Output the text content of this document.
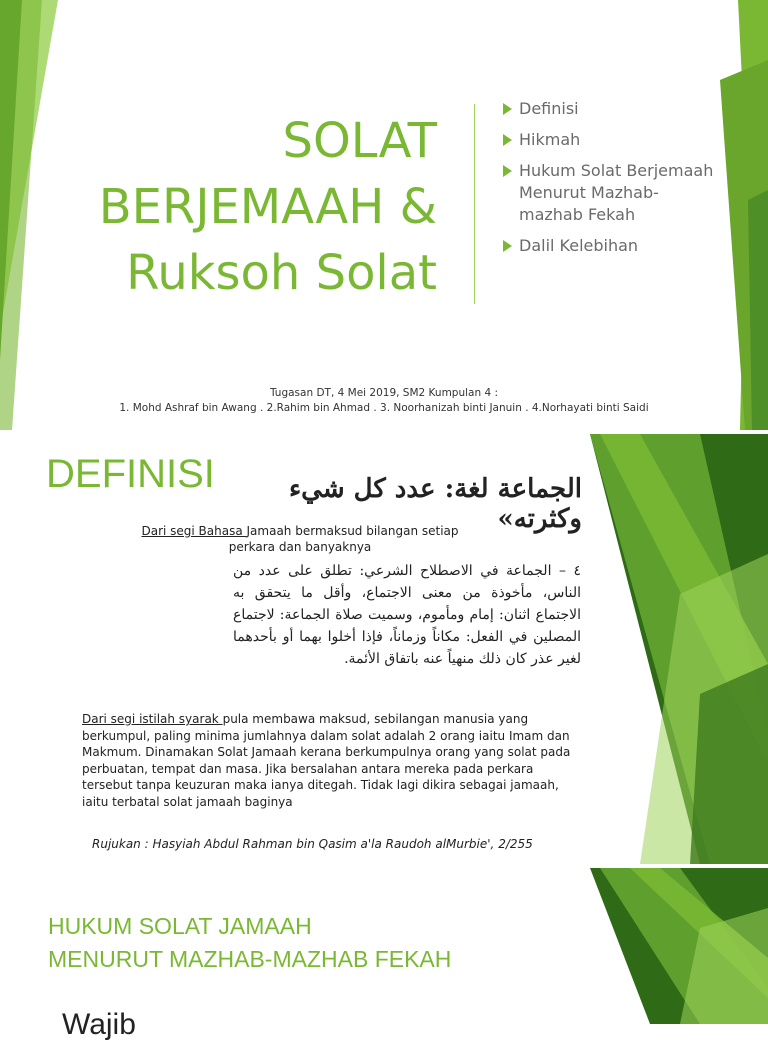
SOLAT
BERJEMAAH &
Ruksoh Solat
Definisi
Hikmah
Hukum Solat Berjemaah Menurut Mazhab-mazhab Fekah
Dalil Kelebihan
Tugasan DT, 4 Mei 2019, SM2 Kumpulan 4 :
1. Mohd Ashraf bin Awang . 2.Rahim bin Ahmad . 3. Noorhanizah binti Januin . 4.Norhayati binti Saidi
DEFINISI	الجماعة لغة: عدد كل شيء وكثرته»
Dari segi Bahasa Jamaah bermaksud bilangan setiap perkara dan banyaknya
٤ – الجماعة في الاصطلاح الشرعي: تطلق على عدد من الناس، مأخوذة من معنى الاجتماع، وأقل ما يتحقق به الاجتماع اثنان: إمام ومأموم، وسميت صلاة الجماعة: لاجتماع المصلين في الفعل: مكاناً وزماناً، فإذا أخلوا بهما أو بأحدهما لغير عذر كان ذلك منهياً عنه باتفاق الأئمة.
Dari segi istilah syarak pula membawa maksud, sebilangan manusia yang berkumpul, paling minima jumlahnya dalam solat adalah 2 orang iaitu Imam dan Makmum. Dinamakan Solat Jamaah kerana berkumpulnya orang yang solat pada perbuatan, tempat dan masa. Jika bersalahan antara mereka pada perkara tersebut tanpa keuzuran maka ianya ditegah. Tidak lagi dikira sebagai jamaah, iaitu terbatal solat jamaah baginya
Rujukan : Hasyiah Abdul Rahman bin Qasim a'la Raudoh alMurbie', 2/255
HUKUM SOLAT JAMAAH
MENURUT MAZHAB-MAZHAB FEKAH
Wajib
